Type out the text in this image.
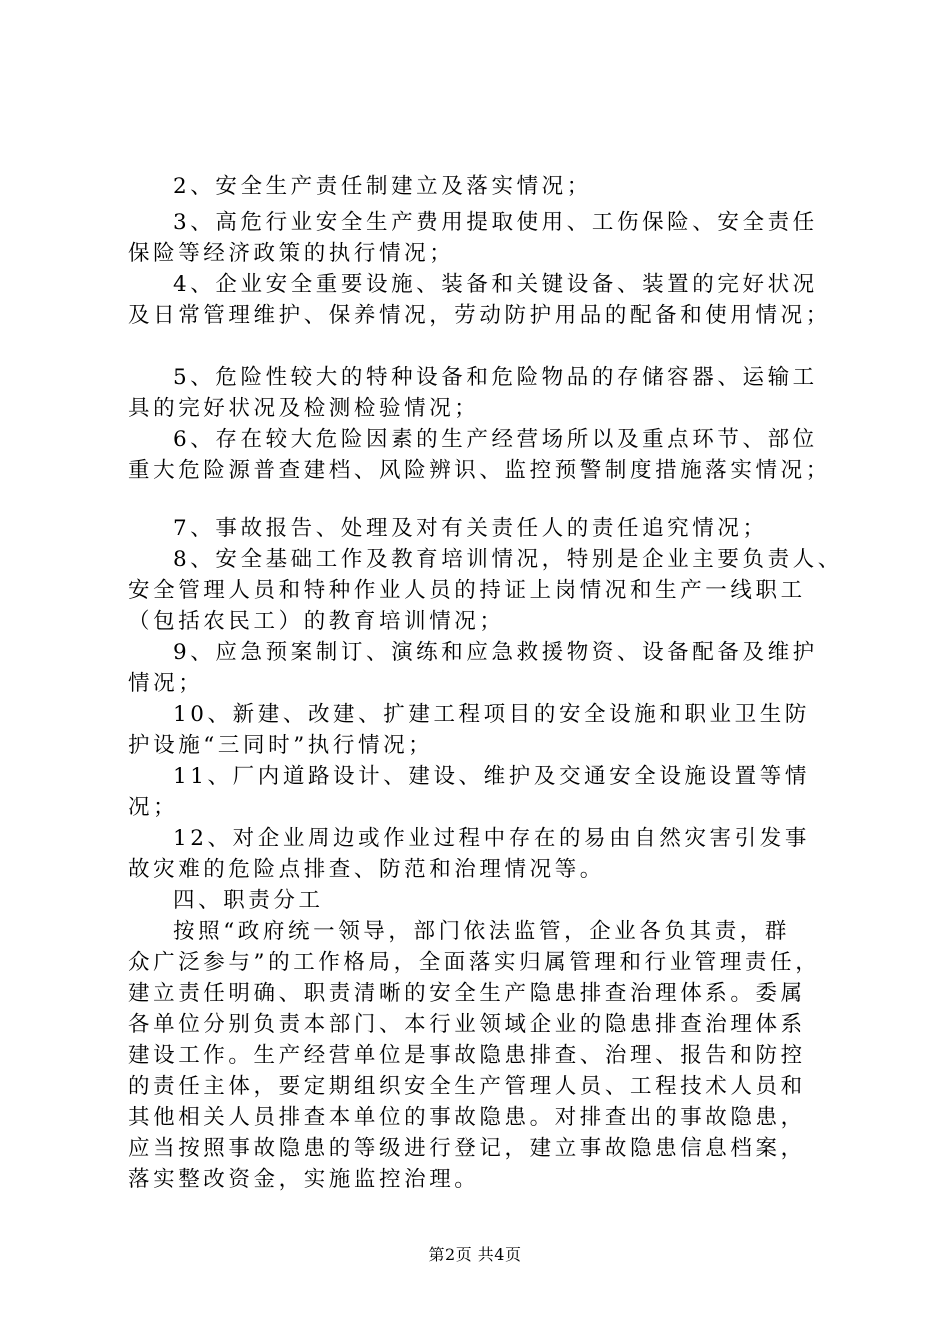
2、安全生产责任制建立及落实情况；
3、高危行业安全生产费用提取使用、工伤保险、安全责任
保险等经济政策的执行情况；
4、企业安全重要设施、装备和关键设备、装置的完好状况
及日常管理维护、保养情况，劳动防护用品的配备和使用情况；
5、危险性较大的特种设备和危险物品的存储容器、运输工
具的完好状况及检测检验情况；
6、存在较大危险因素的生产经营场所以及重点环节、部位
重大危险源普查建档、风险辨识、监控预警制度措施落实情况；
7、事故报告、处理及对有关责任人的责任追究情况；
8、安全基础工作及教育培训情况，特别是企业主要负责人、
安全管理人员和特种作业人员的持证上岗情况和生产一线职工
（包括农民工）的教育培训情况；
9、应急预案制订、演练和应急救援物资、设备配备及维护
情况；
10、新建、改建、扩建工程项目的安全设施和职业卫生防
护设施“三同时”执行情况；
11、厂内道路设计、建设、维护及交通安全设施设置等情
况；
12、对企业周边或作业过程中存在的易由自然灾害引发事
故灾难的危险点排查、防范和治理情况等。
四、职责分工
按照“政府统一领导，部门依法监管，企业各负其责，群
众广泛参与”的工作格局，全面落实归属管理和行业管理责任，
建立责任明确、职责清晰的安全生产隐患排查治理体系。委属
各单位分别负责本部门、本行业领域企业的隐患排查治理体系
建设工作。生产经营单位是事故隐患排查、治理、报告和防控
的责任主体，要定期组织安全生产管理人员、工程技术人员和
其他相关人员排查本单位的事故隐患。对排查出的事故隐患，
应当按照事故隐患的等级进行登记，建立事故隐患信息档案，
落实整改资金，实施监控治理。
第2页 共4页
